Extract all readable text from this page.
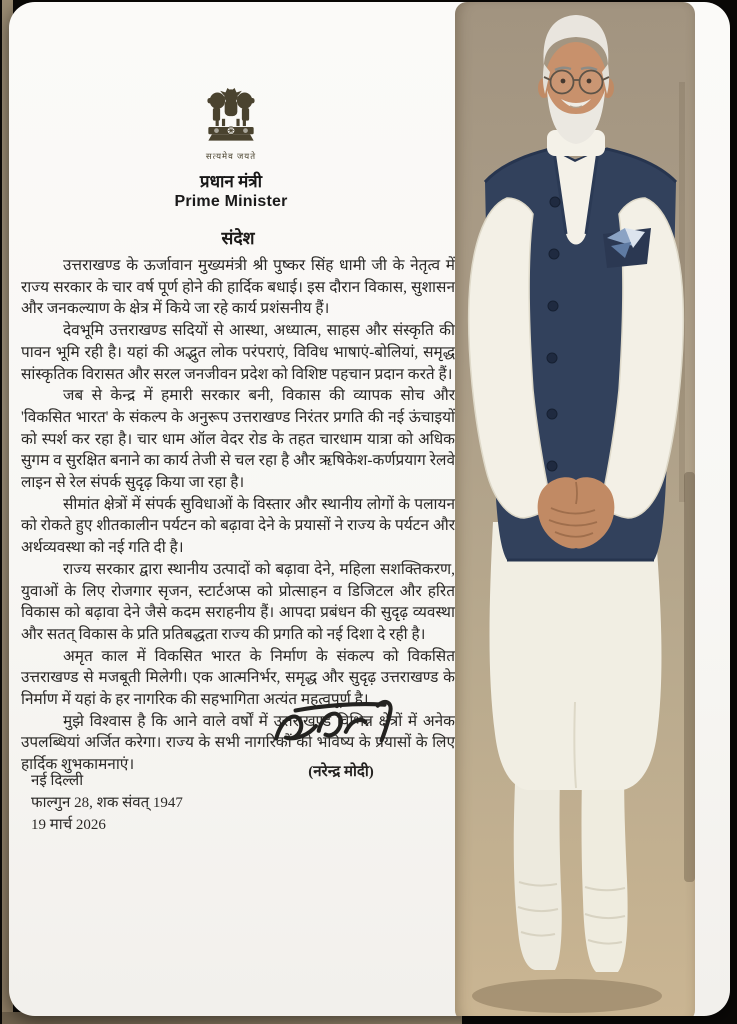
सत्यमेव जयते
प्रधान मंत्री
Prime Minister
संदेश

उत्तराखण्ड के ऊर्जावान मुख्यमंत्री श्री पुष्कर सिंह धामी जी के नेतृत्व में राज्य सरकार के चार वर्ष पूर्ण होने की हार्दिक बधाई। इस दौरान विकास, सुशासन और जनकल्याण के क्षेत्र में किये जा रहे कार्य प्रशंसनीय हैं।

देवभूमि उत्तराखण्ड सदियों से आस्था, अध्यात्म, साहस और संस्कृति की पावन भूमि रही है। यहां की अद्भुत लोक परंपराएं, विविध भाषाएं-बोलियां, समृद्ध सांस्कृतिक विरासत और सरल जनजीवन प्रदेश को विशिष्ट पहचान प्रदान करते हैं।

जब से केन्द्र में हमारी सरकार बनी, विकास की व्यापक सोच और 'विकसित भारत' के संकल्प के अनुरूप उत्तराखण्ड निरंतर प्रगति की नई ऊंचाइयों को स्पर्श कर रहा है। चार धाम ऑल वेदर रोड के तहत चारधाम यात्रा को अधिक सुगम व सुरक्षित बनाने का कार्य तेजी से चल रहा है और ऋषिकेश-कर्णप्रयाग रेलवे लाइन से रेल संपर्क सुदृढ़ किया जा रहा है।

सीमांत क्षेत्रों में संपर्क सुविधाओं के विस्तार और स्थानीय लोगों के पलायन को रोकते हुए शीतकालीन पर्यटन को बढ़ावा देने के प्रयासों ने राज्य के पर्यटन और अर्थव्यवस्था को नई गति दी है।

राज्य सरकार द्वारा स्थानीय उत्पादों को बढ़ावा देने, महिला सशक्तिकरण, युवाओं के लिए रोजगार सृजन, स्टार्टअप्स को प्रोत्साहन व डिजिटल और हरित विकास को बढ़ावा देने जैसे कदम सराहनीय हैं। आपदा प्रबंधन की सुदृढ़ व्यवस्था और सतत् विकास के प्रति प्रतिबद्धता राज्य की प्रगति को नई दिशा दे रही है।

अमृत काल में विकसित भारत के निर्माण के संकल्प को विकसित उत्तराखण्ड से मजबूती मिलेगी। एक आत्मनिर्भर, समृद्ध और सुदृढ़ उत्तराखण्ड के निर्माण में यहां के हर नागरिक की सहभागिता अत्यंत महत्वपूर्ण है।

मुझे विश्वास है कि आने वाले वर्षों में उत्तराखण्ड विभिन्न क्षेत्रों में अनेक उपलब्धियां अर्जित करेगा। राज्य के सभी नागरिकों को भविष्य के प्रयासों के लिए हार्दिक शुभकामनाएं।	(नरेन्द्र मोदी)
नई दिल्ली
फाल्गुन 28, शक संवत् 1947
19 मार्च 2026
